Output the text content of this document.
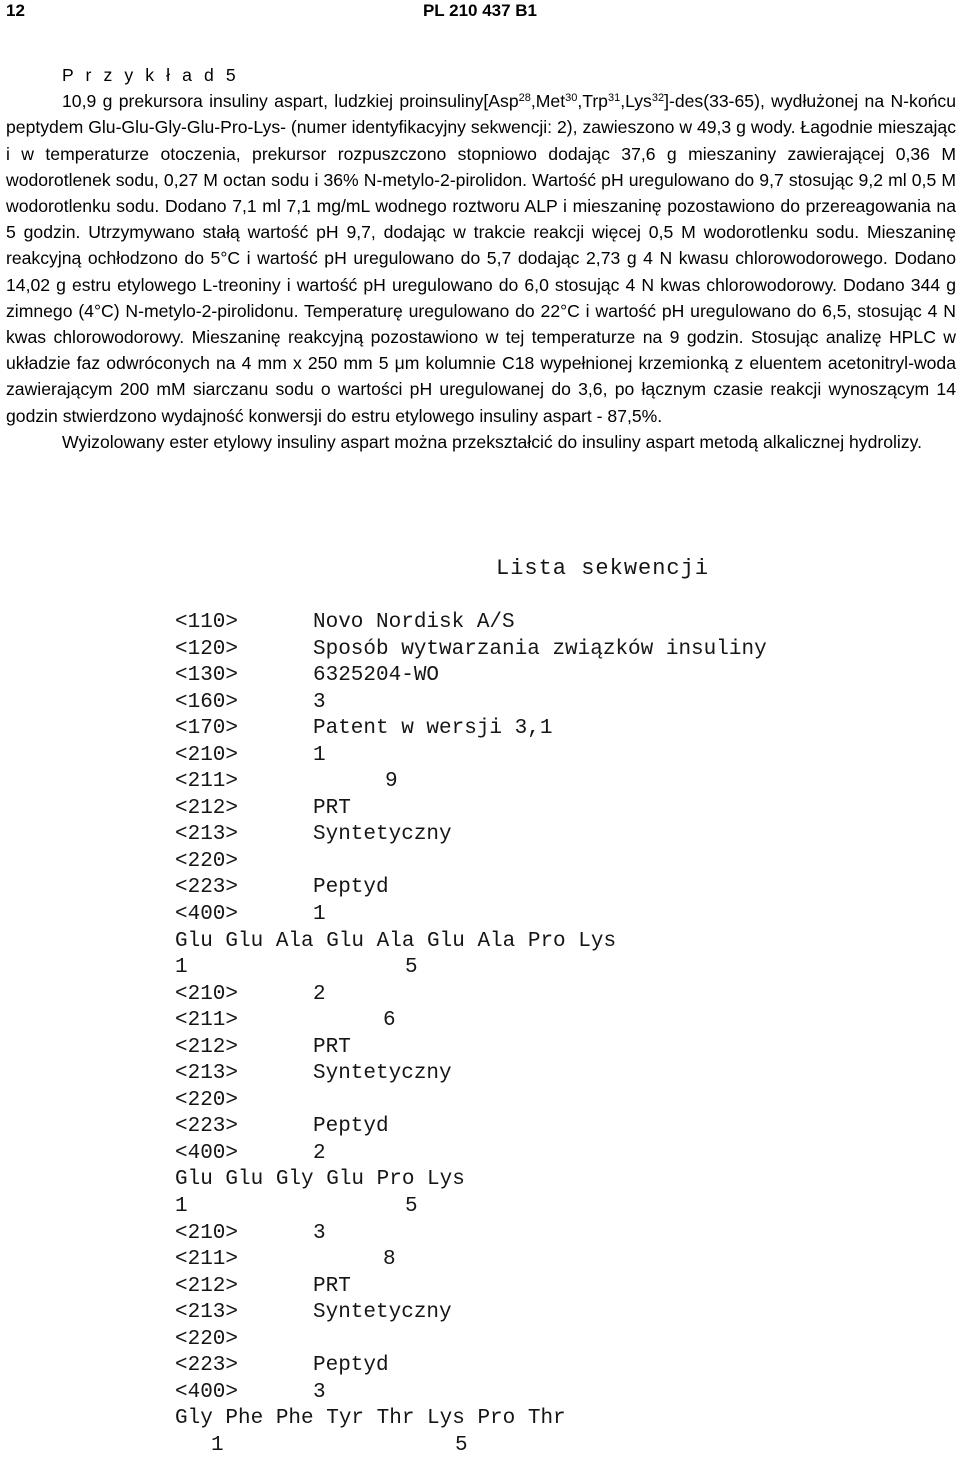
12	PL 210 437 B1
P r z y k ł a d 5

10,9 g prekursora insuliny aspart, ludzkiej proinsuliny[Asp$^{28}$,Met$^{30}$,Trp$^{31}$,Lys$^{32}$]-des(33-65), wydłużonej na N-końcu peptydem Glu-Glu-Gly-Glu-Pro-Lys- (numer identyfikacyjny sekwencji: 2), zawieszono w 49,3 g wody. Łagodnie mieszając i w temperaturze otoczenia, prekursor rozpuszczono stopniowo dodając 37,6 g mieszaniny zawierającej 0,36 M wodorotlenek sodu, 0,27 M octan sodu i 36% N-metylo-2-pirolidon. Wartość pH uregulowano do 9,7 stosując 9,2 ml 0,5 M wodorotlenku sodu. Dodano 7,1 ml 7,1 mg/mL wodnego roztworu ALP i mieszaninę pozostawiono do przereagowania na 5 godzin. Utrzymywano stałą wartość pH 9,7, dodając w trakcie reakcji więcej 0,5 M wodorotlenku sodu. Mieszaninę reakcyjną ochłodzono do 5°C i wartość pH uregulowano do 5,7 dodając 2,73 g 4 N kwasu chlorowodorowego. Dodano 14,02 g estru etylowego L-treoniny i wartość pH uregulowano do 6,0 stosując 4 N kwas chlorowodorowy. Dodano 344 g zimnego (4°C) N-metylo-2-pirolidonu. Temperaturę uregulowano do 22°C i wartość pH uregulowano do 6,5, stosując 4 N kwas chlorowodorowy. Mieszaninę reakcyjną pozostawiono w tej temperaturze na 9 godzin. Stosując analizę HPLC w układzie faz odwróconych na 4 mm x 250 mm 5 μm kolumnie C18 wypełnionej krzemionką z eluentem acetonitryl-woda zawierającym 200 mM siarczanu sodu o wartości pH uregulowanej do 3,6, po łącznym czasie reakcji wynoszącym 14 godzin stwierdzono wydajność konwersji do estru etylowego insuliny aspart - 87,5%.

Wyizolowany ester etylowy insuliny aspart można przekształcić do insuliny aspart metodą alkalicznej hydrolizy.

Lista sekwencji
<110>	Novo Nordisk A/S
<120>	Sposób wytwarzania związków insuliny
<130>	6325204-WO
<160>	3
<170>	Patent w wersji 3,1
<210>	1
<211>	9
<212>	PRT
<213>	Syntetyczny
<220>
<223>	Peptyd
<400>	1
Glu Glu Ala Glu Ala Glu Ala Pro Lys
1	5
<210>	2
<211>	6
<212>	PRT
<213>	Syntetyczny
<220>
<223>	Peptyd
<400>	2
Glu Glu Gly Glu Pro Lys
1	5
<210>	3
<211>	8
<212>	PRT
<213>	Syntetyczny
<220>
<223>	Peptyd
<400>	3
Gly Phe Phe Tyr Thr Lys Pro Thr
1	5
